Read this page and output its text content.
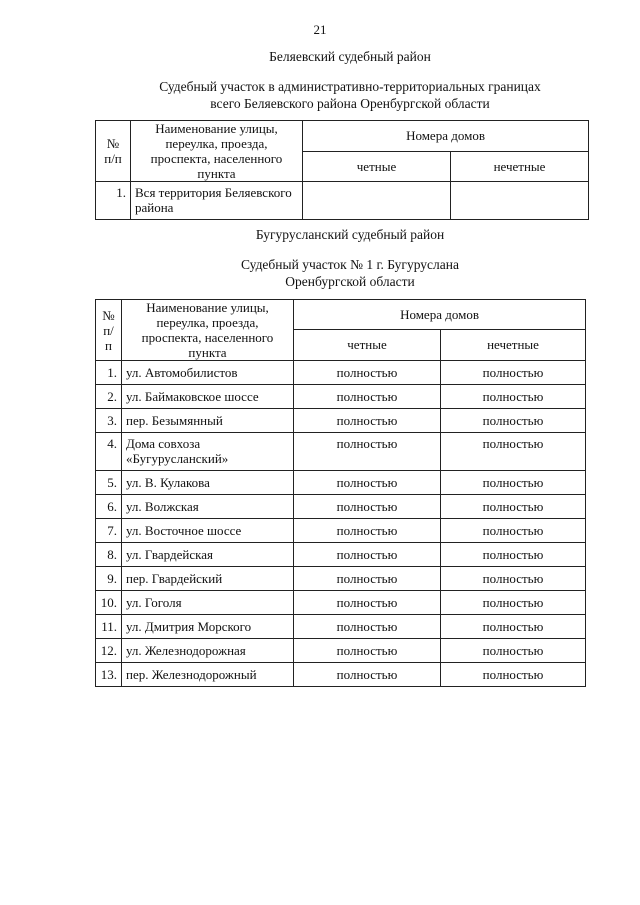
21
Беляевский судебный район
Судебный участок в административно-территориальных границах
всего Беляевского района Оренбургской области
№ п/п	Наименование улицы, переулка, проезда, проспекта, населенного пункта	Номера домов	
		четные	нечетные
1.	Вся территория Беляевского района		
Бугурусланский судебный район
Судебный участок № 1 г. Бугуруслана
Оренбургской области
№ п/п	Наименование улицы, переулка, проезда, проспекта, населенного пункта	Номера домов	
		четные	нечетные
1.	ул. Автомобилистов	полностью	полностью
2.	ул. Баймаковское шоссе	полностью	полностью
3.	пер. Безымянный	полностью	полностью
4.	Дома совхоза «Бугурусланский»	полностью	полностью
5.	ул. В. Кулакова	полностью	полностью
6.	ул. Волжская	полностью	полностью
7.	ул. Восточное шоссе	полностью	полностью
8.	ул. Гвардейская	полностью	полностью
9.	пер. Гвардейский	полностью	полностью
10.	ул. Гоголя	полностью	полностью
11.	ул. Дмитрия Морского	полностью	полностью
12.	ул. Железнодорожная	полностью	полностью
13.	пер. Железнодорожный	полностью	полностью
